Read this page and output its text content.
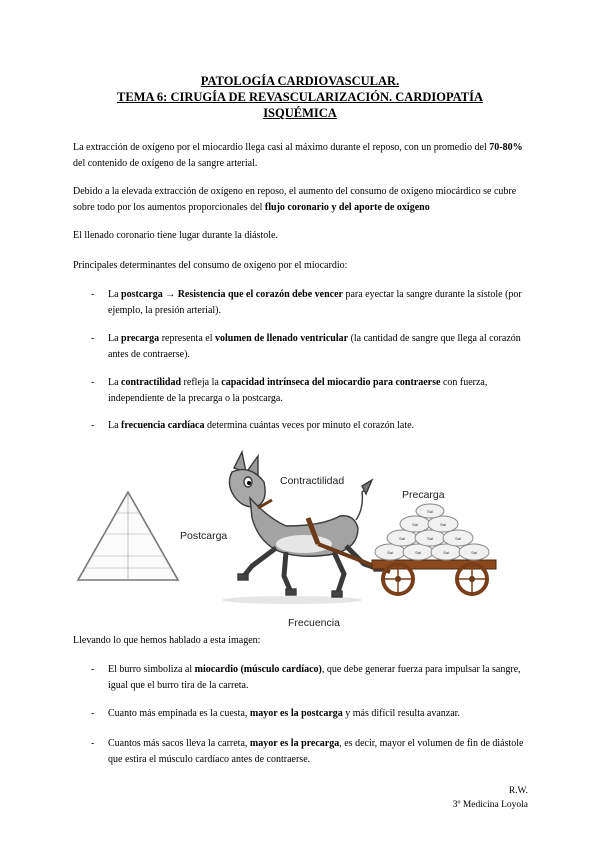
PATOLOGÍA CARDIOVASCULAR.
TEMA 6: CIRUGÍA DE REVASCULARIZACIÓN. CARDIOPATÍA
ISQUÉMICA
La extracción de oxígeno por el miocardio llega casi al máximo durante el reposo, con un promedio del 70-80% del contenido de oxígeno de la sangre arterial.
Debido a la elevada extracción de oxígeno en reposo, el aumento del consumo de oxígeno miocárdico se cubre sobre todo por los aumentos proporcionales del flujo coronario y del aporte de oxígeno
El llenado coronario tiene lugar durante la diástole.
Principales determinantes del consumo de oxígeno por el miocardio:
- La postcarga → Resistencia que el corazón debe vencer para eyectar la sangre durante la sístole (por ejemplo, la presión arterial).
- La precarga representa el volumen de llenado ventricular (la cantidad de sangre que llega al corazón antes de contraerse).
- La contractilidad refleja la capacidad intrínseca del miocardio para contraerse con fuerza, independiente de la precarga o la postcarga.
- La frecuencia cardíaca determina cuántas veces por minuto el corazón late.
Postcarga
Contractilidad
Precarga
Frecuencia
Sal	Sal	Sal	Sal
Sal	Sal	Sal
Sal	Sal
Sal
Llevando lo que hemos hablado a esta imagen:
- El burro simboliza al miocardio (músculo cardíaco), que debe generar fuerza para impulsar la sangre, igual que el burro tira de la carreta.
- Cuanto más empinada es la cuesta, mayor es la postcarga y más difícil resulta avanzar.
- Cuantos más sacos lleva la carreta, mayor es la precarga, es decir, mayor el volumen de fin de diástole que estira el músculo cardíaco antes de contraerse.
R.W.
3º Medicina Loyola
